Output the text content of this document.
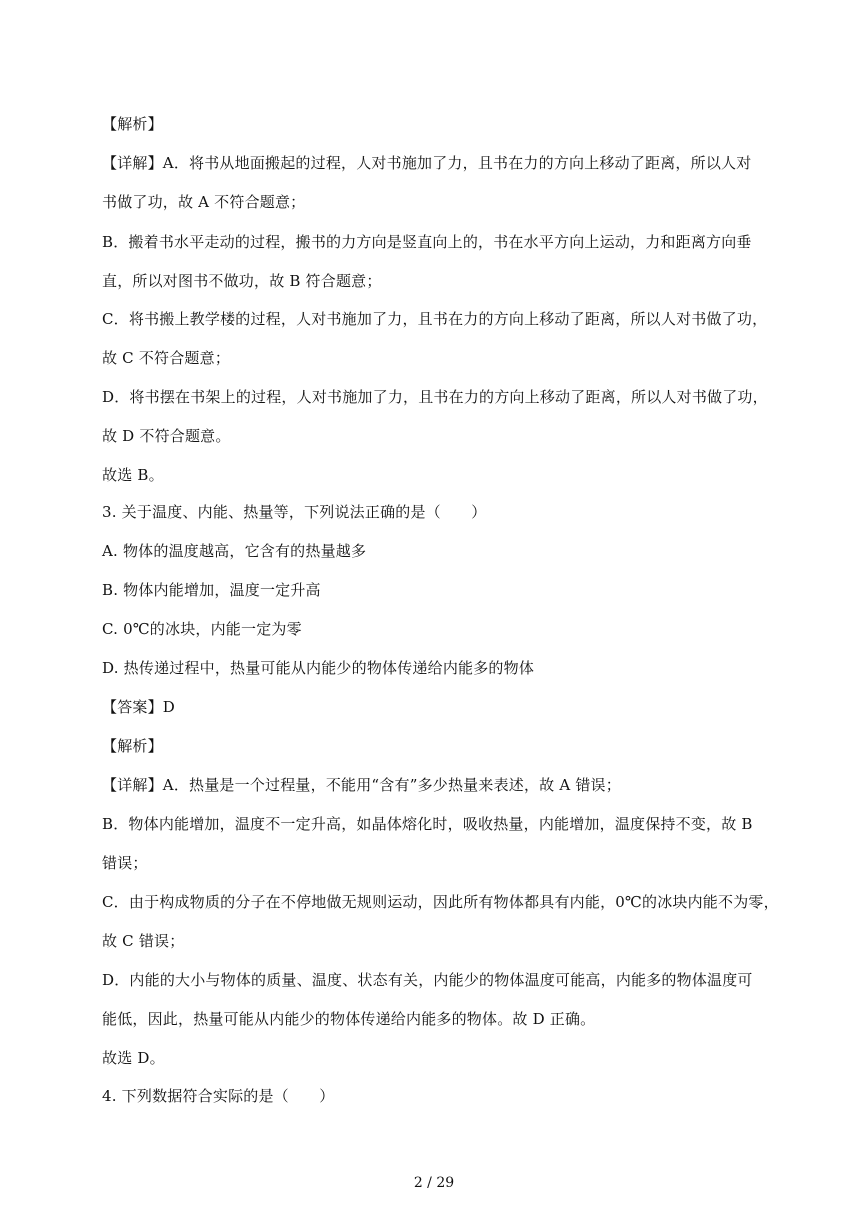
【解析】
【详解】A．将书从地面搬起的过程，人对书施加了力，且书在力的方向上移动了距离，所以人对
书做了功，故 A 不符合题意；
B．搬着书水平走动的过程，搬书的力方向是竖直向上的，书在水平方向上运动，力和距离方向垂
直，所以对图书不做功，故 B 符合题意；
C．将书搬上教学楼的过程，人对书施加了力，且书在力的方向上移动了距离，所以人对书做了功，
故 C 不符合题意；
D．将书摆在书架上的过程，人对书施加了力，且书在力的方向上移动了距离，所以人对书做了功，
故 D 不符合题意。
故选 B。
3. 关于温度、内能、热量等，下列说法正确的是（　　）
A. 物体的温度越高，它含有的热量越多
B. 物体内能增加，温度一定升高
C. 0℃的冰块，内能一定为零
D. 热传递过程中，热量可能从内能少的物体传递给内能多的物体
【答案】D
【解析】
【详解】A．热量是一个过程量，不能用“含有”多少热量来表述，故 A 错误；
B．物体内能增加，温度不一定升高，如晶体熔化时，吸收热量，内能增加，温度保持不变，故 B
错误；
C．由于构成物质的分子在不停地做无规则运动，因此所有物体都具有内能，0℃的冰块内能不为零，
故 C 错误；
D．内能的大小与物体的质量、温度、状态有关，内能少的物体温度可能高，内能多的物体温度可
能低，因此，热量可能从内能少的物体传递给内能多的物体。故 D 正确。
故选 D。
4. 下列数据符合实际的是（　　）
2 / 29
